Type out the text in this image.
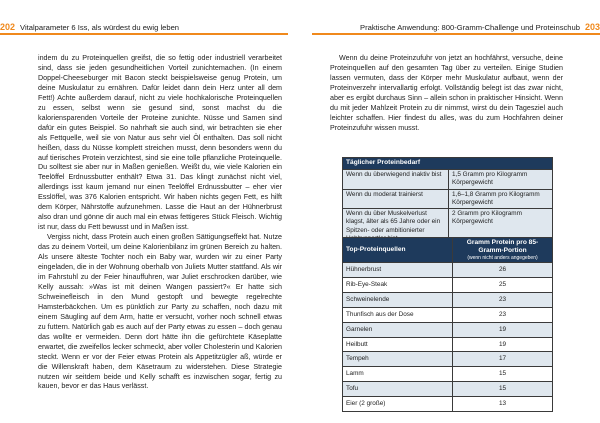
202 Vitalparameter 6 Iss, als würdest du ewig leben	Praktische Anwendung: 800-Gramm-Challenge und Proteinschub 203

indem du zu Proteinquellen greifst, die so fettig oder industriell verarbeitet sind, dass sie jeden gesundheitlichen Vorteil zunichtemachen. (In einem Doppel-Cheeseburger mit Bacon steckt beispielsweise genug Protein, um deine Muskulatur zu ernähren. Dafür leidet dann dein Herz unter all dem Fett!) Achte außerdem darauf, nicht zu viele hochkalorische Proteinquellen zu essen, selbst wenn sie gesund sind, sonst machst du die kaloriensparenden Vorteile der Proteine zunichte. Nüsse und Samen sind dafür ein gutes Beispiel. So nahrhaft sie auch sind, wir betrachten sie eher als Fettquelle, weil sie von Natur aus sehr viel Öl enthalten. Das soll nicht heißen, dass du Nüsse komplett streichen musst, denn besonders wenn du auf tierisches Protein verzichtest, sind sie eine tolle pflanzliche Proteinquelle. Du solltest sie aber nur in Maßen genießen. Weißt du, wie viele Kalorien ein Teelöffel Erdnussbutter enthält? Etwa 31. Das klingt zunächst nicht viel, allerdings isst kaum jemand nur einen Teelöffel Erdnussbutter – eher vier Esslöffel, was 376 Kalorien entspricht. Wir haben nichts gegen Fett, es hilft dem Körper, Nährstoffe aufzunehmen. Lasse die Haut an der Hühnerbrust also dran und gönne dir auch mal ein etwas fettigeres Stück Fleisch. Wichtig ist nur, dass du Fett bewusst und in Maßen isst.

Vergiss nicht, dass Protein auch einen großen Sättigungseffekt hat. Nutze das zu deinem Vorteil, um deine Kalorienbilanz im grünen Bereich zu halten. Als unsere älteste Tochter noch ein Baby war, wurden wir zu einer Party eingeladen, die in der Wohnung oberhalb von Juliets Mutter stattfand. Als wir im Fahrstuhl zu der Feier hinauffuhren, war Juliet erschrocken darüber, wie Kelly aussah: »Was ist mit deinen Wangen passiert?« Er hatte sich Schweinefleisch in den Mund gestopft und bewegte regelrechte Hamsterbäckchen. Um es pünktlich zur Party zu schaffen, noch dazu mit einem Säugling auf dem Arm, hatte er versucht, vorher noch schnell etwas zu futtern. Natürlich gab es auch auf der Party etwas zu essen – doch genau das wollte er vermeiden. Denn dort hätte ihn die gefürchtete Käseplatte erwartet, die zweifellos lecker schmeckt, aber voller Cholesterin und Kalorien steckt. Wenn er vor der Feier etwas Protein als Appetitzügler aß, würde er die Willenskraft haben, dem Käsetraum zu widerstehen. Diese Strategie nutzen wir seitdem beide und Kelly schafft es inzwischen sogar, fertig zu kauen, bevor er das Haus verlässt.

Wenn du deine Proteinzufuhr von jetzt an hochfährst, versuche, deine Proteinquellen auf den gesamten Tag über zu verteilen. Einige Studien lassen vermuten, dass der Körper mehr Muskulatur aufbaut, wenn der Proteinverzehr intervallartig erfolgt. Vollständig belegt ist das zwar nicht, aber es ergibt durchaus Sinn – allein schon in praktischer Hinsicht. Wenn du mit jeder Mahlzeit Protein zu dir nimmst, wirst du dein Tagesziel auch leichter schaffen. Hier findest du alles, was du zum Hochfahren deiner Proteinzufuhr wissen musst.

Täglicher Proteinbedarf	
Wenn du überwiegend inaktiv bist	1,5 Gramm pro Kilogramm Körpergewicht
Wenn du moderat trainierst	1,6–1,8 Gramm pro Kilogramm Körpergewicht
Wenn du über Muskelverlust klagst, älter als 65 Jahre oder ein Spitzen- oder ambitionierter	2 Gramm pro Kilogramm Körpergewicht
Top-Proteinquellen	Gramm Protein pro 85-Gramm-Portion
(wenn nicht anders angegeben)

Hühnerbrust	26
Rib-Eye-Steak	25
Schweinelende	23
Thunfisch aus der Dose	23
Garnelen	19
Heilbutt	19
Tempeh	17
Lamm	15
Tofu	15
Eier (2 große)	13
